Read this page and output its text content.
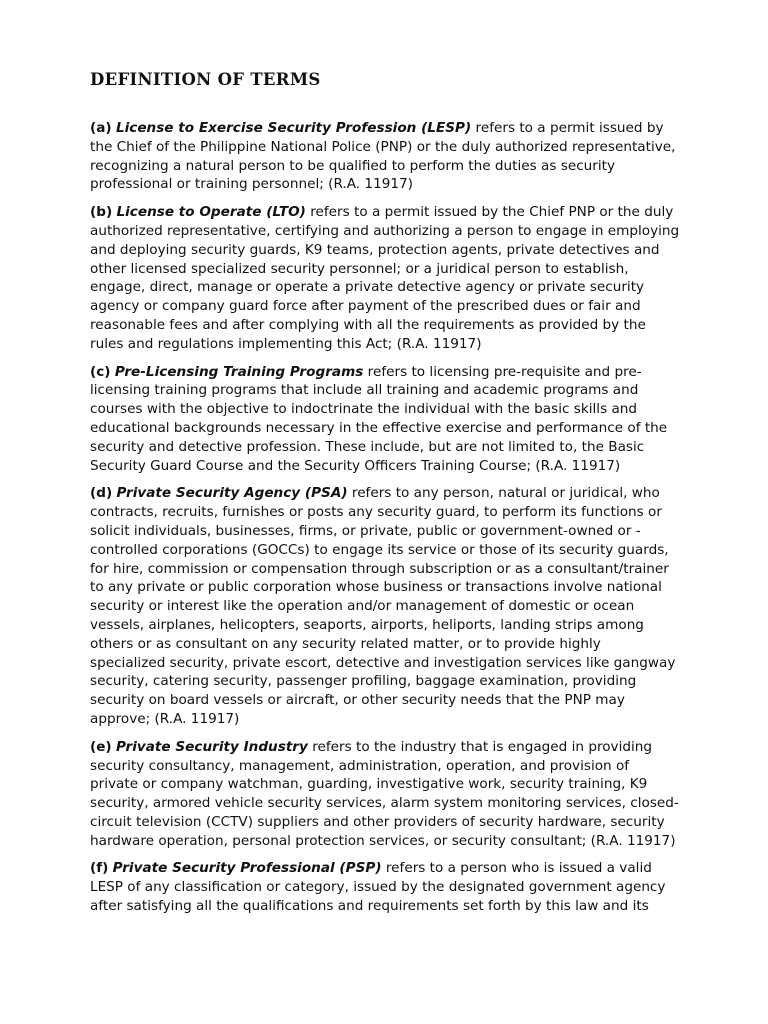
DEFINITION OF TERMS

(a) License to Exercise Security Profession (LESP) refers to a permit issued by the Chief of the Philippine National Police (PNP) or the duly authorized representative, recognizing a natural person to be qualified to perform the duties as security professional or training personnel; (R.A. 11917)

(b) License to Operate (LTO) refers to a permit issued by the Chief PNP or the duly authorized representative, certifying and authorizing a person to engage in employing and deploying security guards, K9 teams, protection agents, private detectives and other licensed specialized security personnel; or a juridical person to establish, engage, direct, manage or operate a private detective agency or private security agency or company guard force after payment of the prescribed dues or fair and reasonable fees and after complying with all the requirements as provided by the rules and regulations implementing this Act; (R.A. 11917)

(c) Pre-Licensing Training Programs refers to licensing pre-requisite and pre-licensing training programs that include all training and academic programs and courses with the objective to indoctrinate the individual with the basic skills and educational backgrounds necessary in the effective exercise and performance of the security and detective profession. These include, but are not limited to, the Basic Security Guard Course and the Security Officers Training Course; (R.A. 11917)

(d) Private Security Agency (PSA) refers to any person, natural or juridical, who contracts, recruits, furnishes or posts any security guard, to perform its functions or solicit individuals, businesses, firms, or private, public or government-owned or -controlled corporations (GOCCs) to engage its service or those of its security guards, for hire, commission or compensation through subscription or as a consultant/trainer to any private or public corporation whose business or transactions involve national security or interest like the operation and/or management of domestic or ocean vessels, airplanes, helicopters, seaports, airports, heliports, landing strips among others or as consultant on any security related matter, or to provide highly specialized security, private escort, detective and investigation services like gangway security, catering security, passenger profiling, baggage examination, providing security on board vessels or aircraft, or other security needs that the PNP may approve; (R.A. 11917)

(e) Private Security Industry refers to the industry that is engaged in providing security consultancy, management, administration, operation, and provision of private or company watchman, guarding, investigative work, security training, K9 security, armored vehicle security services, alarm system monitoring services, closed-circuit television (CCTV) suppliers and other providers of security hardware, security hardware operation, personal protection services, or security consultant; (R.A. 11917)

(f) Private Security Professional (PSP) refers to a person who is issued a valid LESP of any classification or category, issued by the designated government agency after satisfying all the qualifications and requirements set forth by this law and its
